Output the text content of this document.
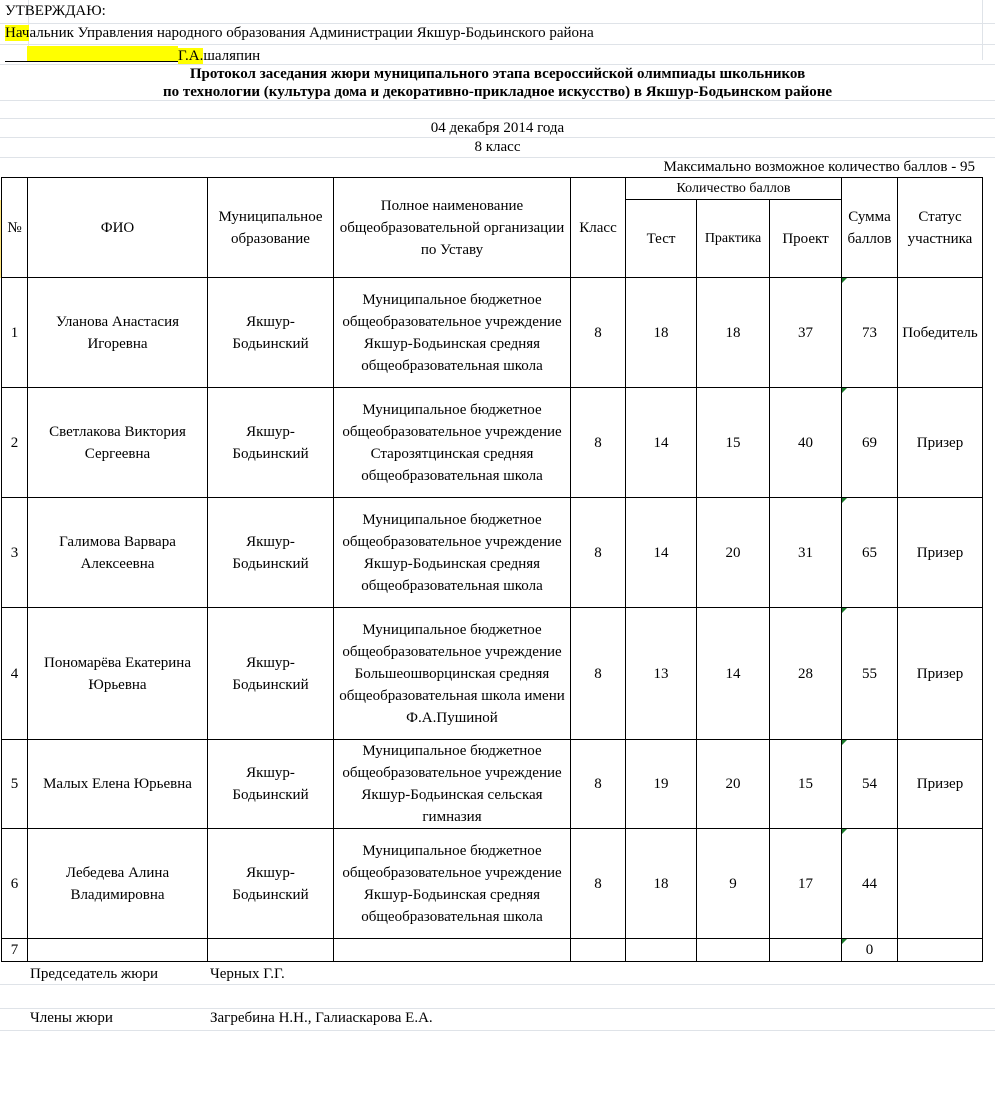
УТВЕРЖДАЮ:
Начальник Управления народного образования Администрации Якшур-Бодьинского района
Г.А.шаляпин
Протокол заседания жюри муниципального этапа всероссийской олимпиады школьников
по технологии (культура дома и декоративно-прикладное искусство) в Якшур-Бодьинском районе
04 декабря 2014 года
8 класс
Максимально возможное количество баллов - 95
№	ФИО	Муниципальное образование	Полное наименование общеобразовательной организации по Уставу	Класс	Количество баллов			Сумма баллов	Статус участника
					Тест	Практика	Проект		
1	Уланова Анастасия Игоревна	Якшур-Бодьинский	Муниципальное бюджетное общеобразовательное учреждение Якшур-Бодьинская средняя общеобразовательная школа	8	18	18	37	73	Победитель
2	Светлакова Виктория Сергеевна	Якшур-Бодьинский	Муниципальное бюджетное общеобразовательное учреждение Старозятцинская средняя общеобразовательная школа	8	14	15	40	69	Призер
3	Галимова Варвара Алексеевна	Якшур-Бодьинский	Муниципальное бюджетное общеобразовательное учреждение Якшур-Бодьинская средняя общеобразовательная школа	8	14	20	31	65	Призер
4	Пономарёва Екатерина Юрьевна	Якшур-Бодьинский	Муниципальное бюджетное общеобразовательное учреждение Большеошворцинская средняя общеобразовательная школа имени Ф.А.Пушиной	8	13	14	28	55	Призер
5	Малых Елена Юрьевна	Якшур-Бодьинский	Муниципальное бюджетное общеобразовательное учреждение Якшур-Бодьинская сельская гимназия	8	19	20	15	54	Призер
6	Лебедева Алина Владимировна	Якшур-Бодьинский	Муниципальное бюджетное общеобразовательное учреждение Якшур-Бодьинская средняя общеобразовательная школа	8	18	9	17	44	
7								0	
Председатель жюри	Черных Г.Г.
Члены жюри	Загребина Н.Н., Галиаскарова Е.А.
